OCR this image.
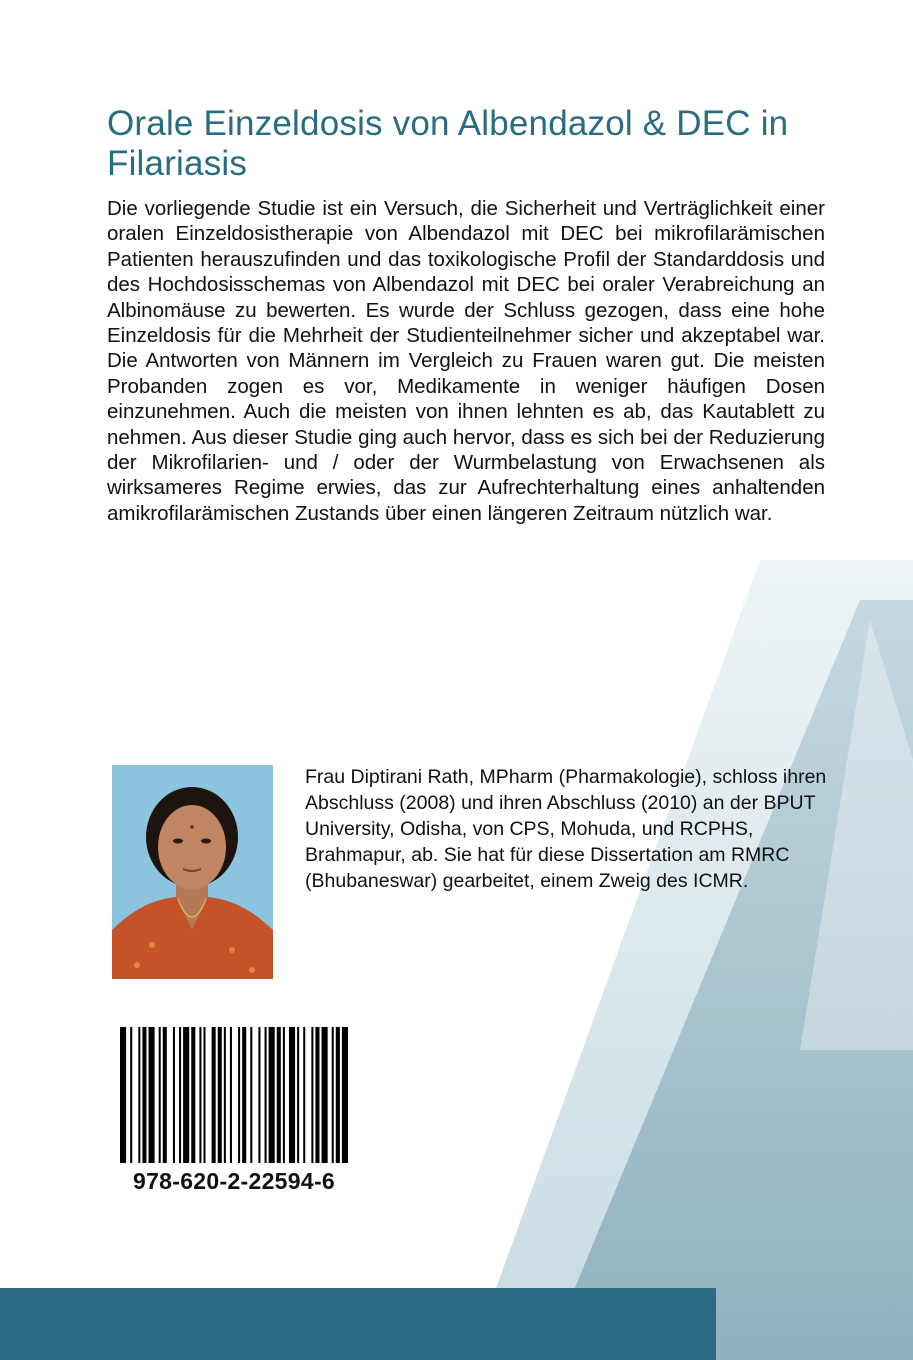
Orale Einzeldosis von Albendazol & DEC in Filariasis

Die vorliegende Studie ist ein Versuch, die Sicherheit und Verträglichkeit einer oralen Einzeldosistherapie von Albendazol mit DEC bei mikrofilarämischen Patienten herauszufinden und das toxikologische Profil der Standarddosis und des Hochdosisschemas von Albendazol mit DEC bei oraler Verabreichung an Albinomäuse zu bewerten. Es wurde der Schluss gezogen, dass eine hohe Einzeldosis für die Mehrheit der Studienteilnehmer sicher und akzeptabel war. Die Antworten von Männern im Vergleich zu Frauen waren gut. Die meisten Probanden zogen es vor, Medikamente in weniger häufigen Dosen einzunehmen. Auch die meisten von ihnen lehnten es ab, das Kautablett zu nehmen. Aus dieser Studie ging auch hervor, dass es sich bei der Reduzierung der Mikrofilarien- und / oder der Wurmbelastung von Erwachsenen als wirksameres Regime erwies, das zur Aufrechterhaltung eines anhaltenden amikrofilarämischen Zustands über einen längeren Zeitraum nützlich war.

Frau Diptirani Rath, MPharm (Pharmakologie), schloss ihren Abschluss (2008) und ihren Abschluss (2010) an der BPUT University, Odisha, von CPS, Mohuda, und RCPHS, Brahmapur, ab. Sie hat für diese Dissertation am RMRC (Bhubaneswar) gearbeitet, einem Zweig des ICMR.

978-620-2-22594-6
